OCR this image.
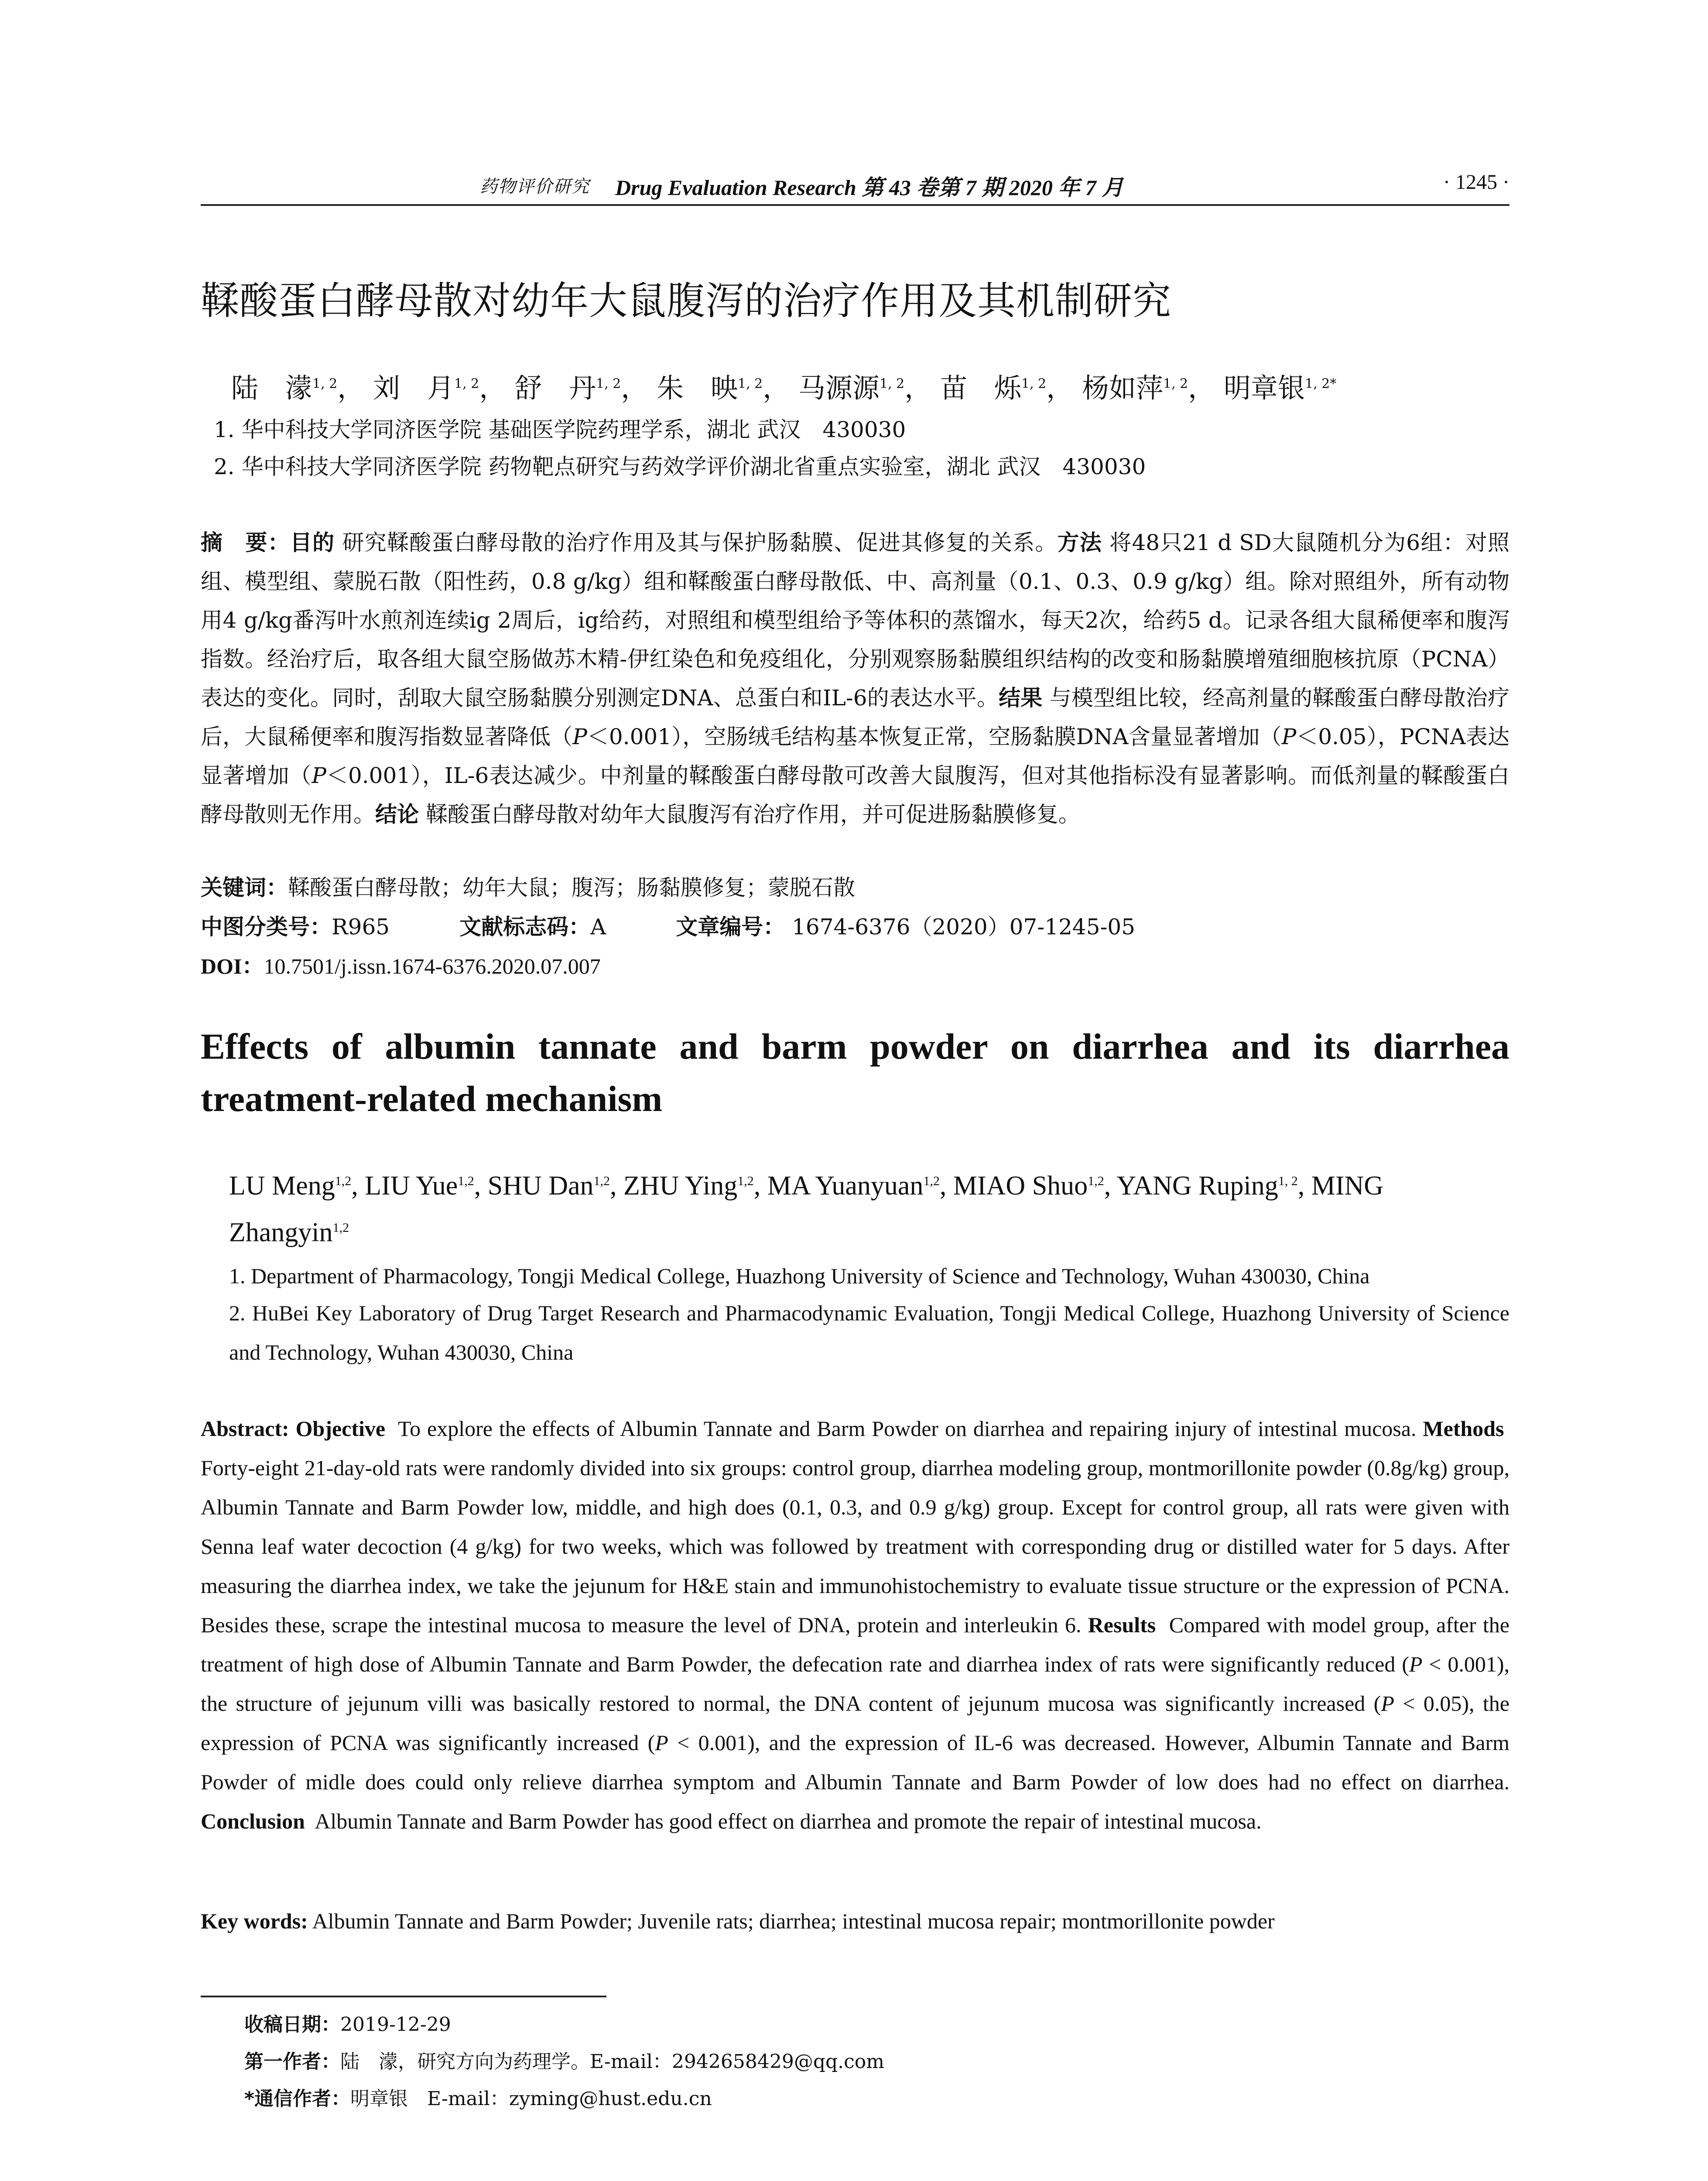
药物评价研究 Drug Evaluation Research 第 43 卷第 7 期 2020 年 7 月	· 1245 ·
鞣酸蛋白酵母散对幼年大鼠腹泻的治疗作用及其机制研究
陆　濛$^{1, 2}$， 刘　月$^{1, 2}$， 舒　丹$^{1, 2}$， 朱　映$^{1, 2}$， 马源源$^{1, 2}$， 苗　烁$^{1, 2}$， 杨如萍$^{1, 2}$， 明章银$^{1, 2*}$
1. 华中科技大学同济医学院 基础医学院药理学系，湖北 武汉　430030
2. 华中科技大学同济医学院 药物靶点研究与药效学评价湖北省重点实验室，湖北 武汉　430030
摘　要：目的 研究鞣酸蛋白酵母散的治疗作用及其与保护肠黏膜、促进其修复的关系。方法 将48只21 d SD大鼠随机分为6组：对照组、模型组、蒙脱石散（阳性药，0.8 g/kg）组和鞣酸蛋白酵母散低、中、高剂量（0.1、0.3、0.9 g/kg）组。除对照组外，所有动物用4 g/kg番泻叶水煎剂连续ig 2周后，ig给药，对照组和模型组给予等体积的蒸馏水，每天2次，给药5 d。记录各组大鼠稀便率和腹泻指数。经治疗后，取各组大鼠空肠做苏木精-伊红染色和免疫组化，分别观察肠黏膜组织结构的改变和肠黏膜增殖细胞核抗原（PCNA）表达的变化。同时，刮取大鼠空肠黏膜分别测定DNA、总蛋白和IL-6的表达水平。结果 与模型组比较，经高剂量的鞣酸蛋白酵母散治疗后，大鼠稀便率和腹泻指数显著降低（P＜0.001），空肠绒毛结构基本恢复正常，空肠黏膜DNA含量显著增加（P＜0.05），PCNA表达显著增加（P＜0.001），IL-6表达减少。中剂量的鞣酸蛋白酵母散可改善大鼠腹泻，但对其他指标没有显著影响。而低剂量的鞣酸蛋白酵母散则无作用。结论 鞣酸蛋白酵母散对幼年大鼠腹泻有治疗作用，并可促进肠黏膜修复。
关键词：鞣酸蛋白酵母散；幼年大鼠；腹泻；肠黏膜修复；蒙脱石散
中图分类号：R965	文献标志码：A	文章编号： 1674-6376（2020）07-1245-05
DOI：10.7501/j.issn.1674-6376.2020.07.007
Effects of albumin tannate and barm powder on diarrhea and its diarrhea treatment-related mechanism
LU Meng$^{1,2}$, LIU Yue$^{1,2}$, SHU Dan$^{1,2}$, ZHU Ying$^{1,2}$, MA Yuanyuan$^{1,2}$, MIAO Shuo$^{1,2}$, YANG Ruping$^{1, 2}$, MING Zhangyin$^{1,2}$
1. Department of Pharmacology, Tongji Medical College, Huazhong University of Science and Technology, Wuhan 430030, China
2. HuBei Key Laboratory of Drug Target Research and Pharmacodynamic Evaluation, Tongji Medical College, Huazhong University of Science and Technology, Wuhan 430030, China
Abstract: Objective To explore the effects of Albumin Tannate and Barm Powder on diarrhea and repairing injury of intestinal mucosa. Methods  Forty-eight 21-day-old rats were randomly divided into six groups: control group, diarrhea modeling group, montmorillonite powder (0.8g/kg) group, Albumin Tannate and Barm Powder low, middle, and high does (0.1, 0.3, and 0.9 g/kg) group. Except for control group, all rats were given with Senna leaf water decoction (4 g/kg) for two weeks, which was followed by treatment with corresponding drug or distilled water for 5 days. After measuring the diarrhea index, we take the jejunum for H&E stain and immunohistochemistry to evaluate tissue structure or the expression of PCNA. Besides these, scrape the intestinal mucosa to measure the level of DNA, protein and interleukin 6. Results Compared with model group, after the treatment of high dose of Albumin Tannate and Barm Powder, the defecation rate and diarrhea index of rats were significantly reduced (P < 0.001), the structure of jejunum villi was basically restored to normal, the DNA content of jejunum mucosa was significantly increased (P < 0.05), the expression of PCNA was significantly increased (P < 0.001), and the expression of IL-6 was decreased. However, Albumin Tannate and Barm Powder of midle does could only relieve diarrhea symptom and Albumin Tannate and Barm Powder of low does had no effect on diarrhea. Conclusion Albumin Tannate and Barm Powder has good effect on diarrhea and promote the repair of intestinal mucosa.
Key words: Albumin Tannate and Barm Powder; Juvenile rats; diarrhea; intestinal mucosa repair; montmorillonite powder
收稿日期：2019-12-29
第一作者：陆　濛，研究方向为药理学。E-mail：2942658429@qq.com
*通信作者：明章银　E-mail：zyming@hust.edu.cn
